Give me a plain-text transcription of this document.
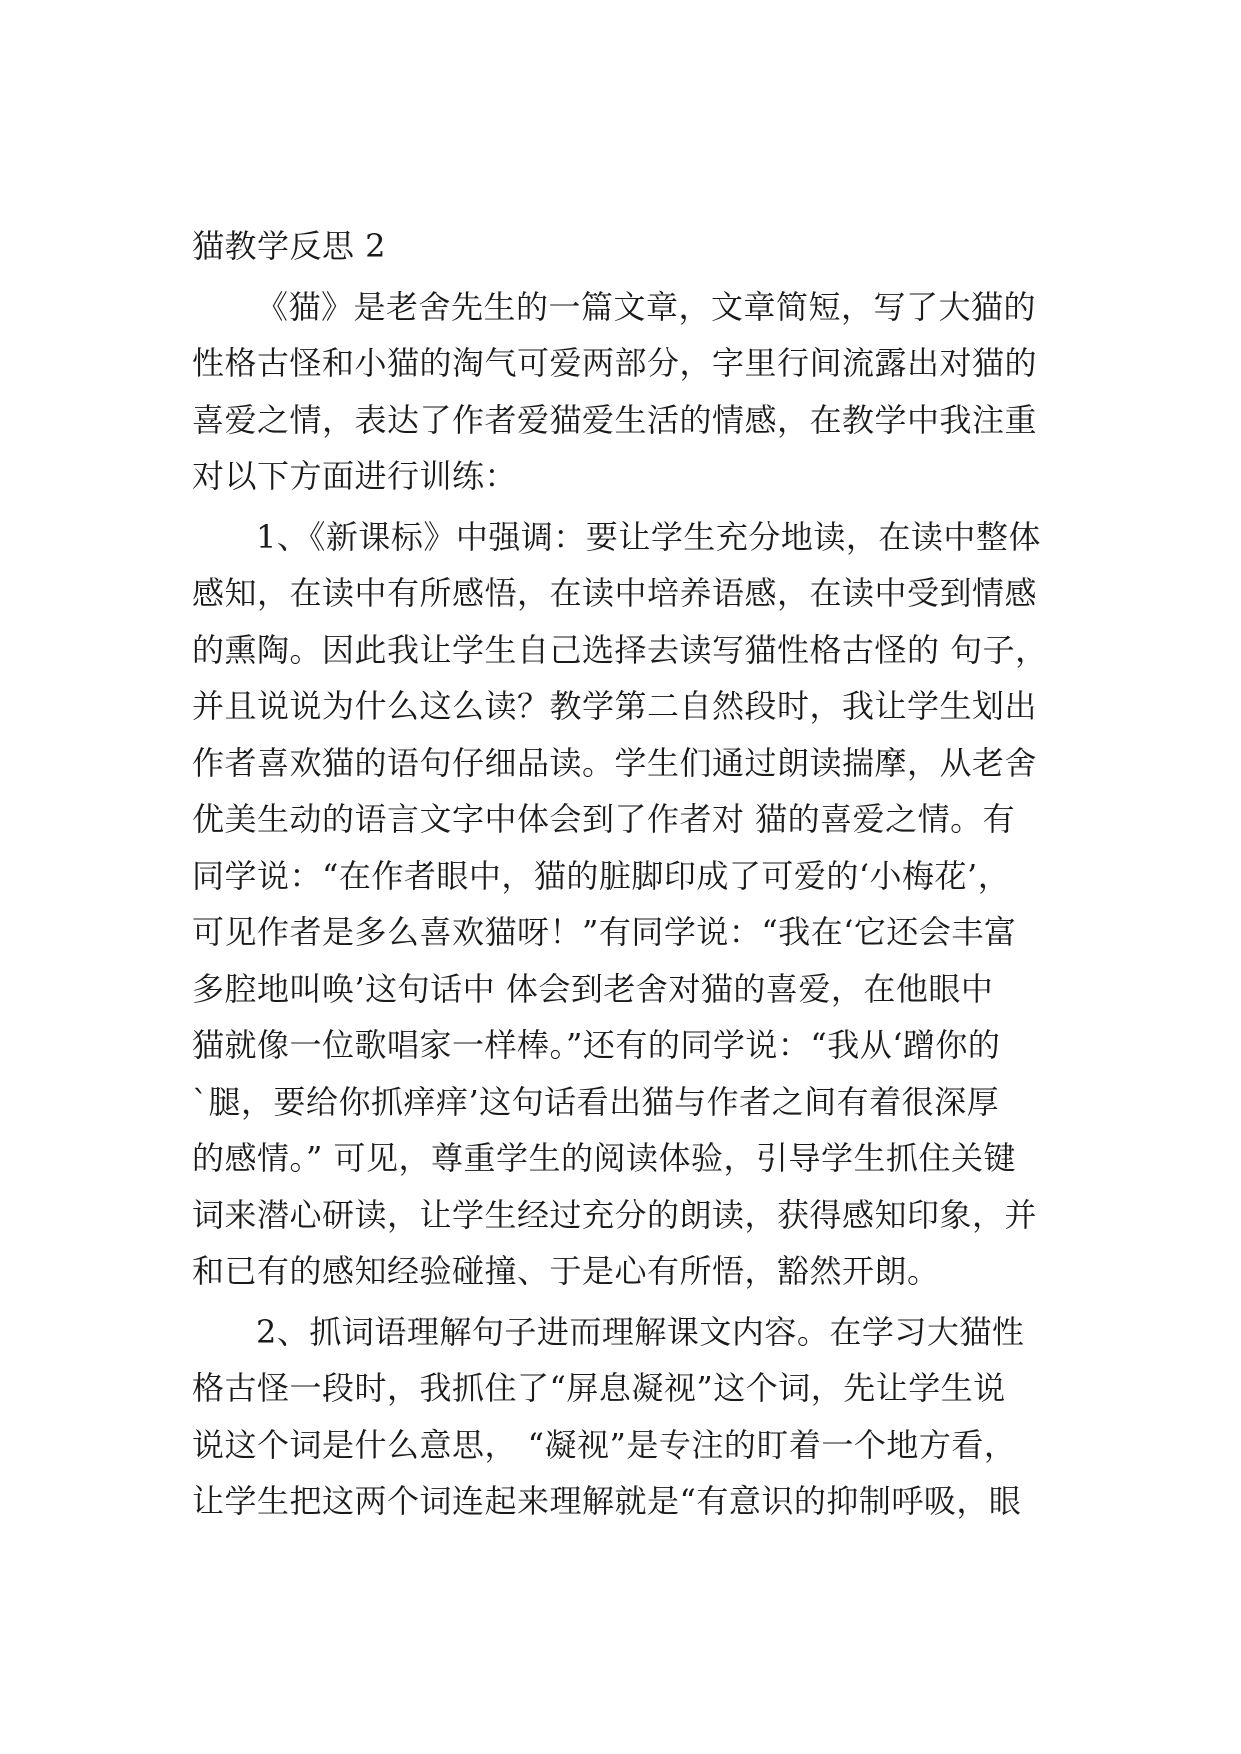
猫教学反思 2
《猫》是老舍先生的一篇文章，文章简短，写了大猫的
性格古怪和小猫的淘气可爱两部分，字里行间流露出对猫的
喜爱之情，表达了作者爱猫爱生活的情感，在教学中我注重
对以下方面进行训练：
1、《新课标》中强调：要让学生充分地读，在读中整体
感知，在读中有所感悟，在读中培养语感，在读中受到情感
的熏陶。因此我让学生自己选择去读写猫性格古怪的 句子，
并且说说为什么这么读？教学第二自然段时，我让学生划出
作者喜欢猫的语句仔细品读。学生们通过朗读揣摩，从老舍
优美生动的语言文字中体会到了作者对 猫的喜爱之情。有
同学说：“在作者眼中，猫的脏脚印成了可爱的‘小梅花’，
可见作者是多么喜欢猫呀！”有同学说：“我在‘它还会丰富
多腔地叫唤’这句话中 体会到老舍对猫的喜爱，在他眼中
猫就像一位歌唱家一样棒。”还有的同学说：“我从‘蹭你的
`腿，要给你抓痒痒’这句话看出猫与作者之间有着很深厚
的感情。” 可见，尊重学生的阅读体验，引导学生抓住关键
词来潜心研读，让学生经过充分的朗读，获得感知印象，并
和已有的感知经验碰撞、于是心有所悟，豁然开朗。
2、抓词语理解句子进而理解课文内容。在学习大猫性
格古怪一段时，我抓住了“屏息凝视”这个词，先让学生说
说这个词是什么意思， “凝视”是专注的盯着一个地方看，
让学生把这两个词连起来理解就是“有意识的抑制呼吸，眼
